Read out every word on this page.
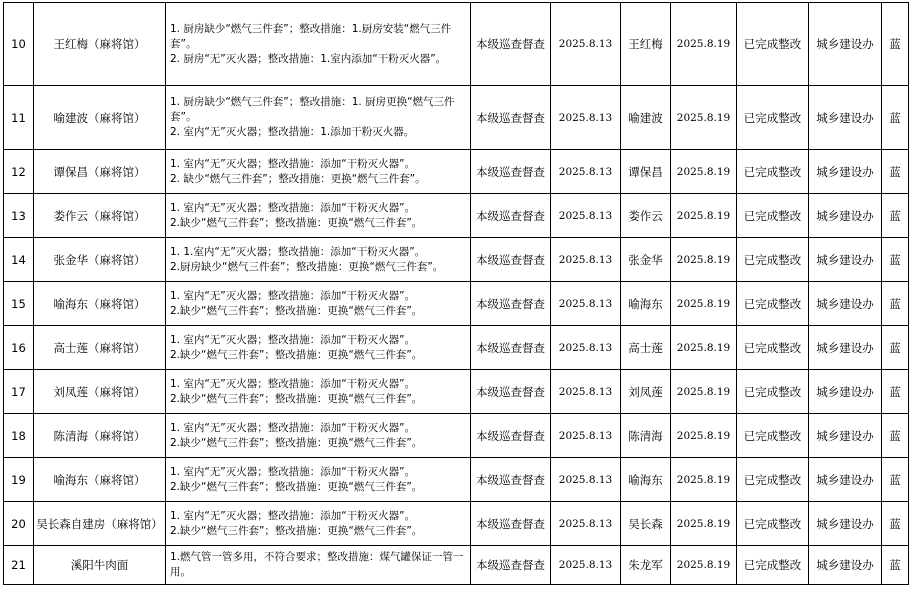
10	王红梅（麻将馆）	1. 厨房缺少“燃气三件套”；整改措施：1.厨房安装“燃气三件套”。
2. 厨房“无”灭火器；整改措施：1.室内添加“干粉灭火器”。	本级巡查督查	2025.8.13	王红梅	2025.8.19	已完成整改	城乡建设办	蓝
11	喻建波（麻将馆）	1. 厨房缺少“燃气三件套”；整改措施：1. 厨房更换“燃气三件套”。
2. 室内“无”灭火器；整改措施：1.添加干粉灭火器。	本级巡查督查	2025.8.13	喻建波	2025.8.19	已完成整改	城乡建设办	蓝
12	谭保昌（麻将馆）	1. 室内“无”灭火器；整改措施：添加“干粉灭火器”。
2. 缺少“燃气三件套”；整改措施：更换“燃气三件套”。	本级巡查督查	2025.8.13	谭保昌	2025.8.19	已完成整改	城乡建设办	蓝
13	娄作云（麻将馆）	1. 室内“无”灭火器；整改措施：添加“干粉灭火器”。
2.缺少“燃气三件套”；整改措施：更换“燃气三件套”。	本级巡查督查	2025.8.13	娄作云	2025.8.19	已完成整改	城乡建设办	蓝
14	张金华（麻将馆）	1. 1.室内“无”灭火器；整改措施：添加“干粉灭火器”。
2.厨房缺少“燃气三件套”；整改措施：更换“燃气三件套”。	本级巡查督查	2025.8.13	张金华	2025.8.19	已完成整改	城乡建设办	蓝
15	喻海东（麻将馆）	1. 室内“无”灭火器；整改措施：添加“干粉灭火器”。
2.缺少“燃气三件套”；整改措施：更换“燃气三件套”。	本级巡查督查	2025.8.13	喻海东	2025.8.19	已完成整改	城乡建设办	蓝
16	高士莲（麻将馆）	1. 室内“无”灭火器；整改措施：添加“干粉灭火器”。
2.缺少“燃气三件套”；整改措施：更换“燃气三件套”。	本级巡查督查	2025.8.13	高士莲	2025.8.19	已完成整改	城乡建设办	蓝
17	刘凤莲（麻将馆）	1. 室内“无”灭火器；整改措施：添加“干粉灭火器”。
2.缺少“燃气三件套”；整改措施：更换“燃气三件套”。	本级巡查督查	2025.8.13	刘凤莲	2025.8.19	已完成整改	城乡建设办	蓝
18	陈清海（麻将馆）	1. 室内“无”灭火器；整改措施：添加“干粉灭火器”。
2.缺少“燃气三件套”；整改措施：更换“燃气三件套”。	本级巡查督查	2025.8.13	陈清海	2025.8.19	已完成整改	城乡建设办	蓝
19	喻海东（麻将馆）	1. 室内“无”灭火器；整改措施：添加“干粉灭火器”。
2.缺少“燃气三件套”；整改措施：更换“燃气三件套”。	本级巡查督查	2025.8.13	喻海东	2025.8.19	已完成整改	城乡建设办	蓝
20	吴长森自建房（麻将馆）	1. 室内“无”灭火器；整改措施：添加“干粉灭火器”。
2.缺少“燃气三件套”；整改措施：更换“燃气三件套”。	本级巡查督查	2025.8.13	吴长森	2025.8.19	已完成整改	城乡建设办	蓝
21	溪阳牛肉面	1.燃气管一管多用，不符合要求；整改措施：煤气罐保证一管一用。	本级巡查督查	2025.8.13	朱龙军	2025.8.19	已完成整改	城乡建设办	蓝
